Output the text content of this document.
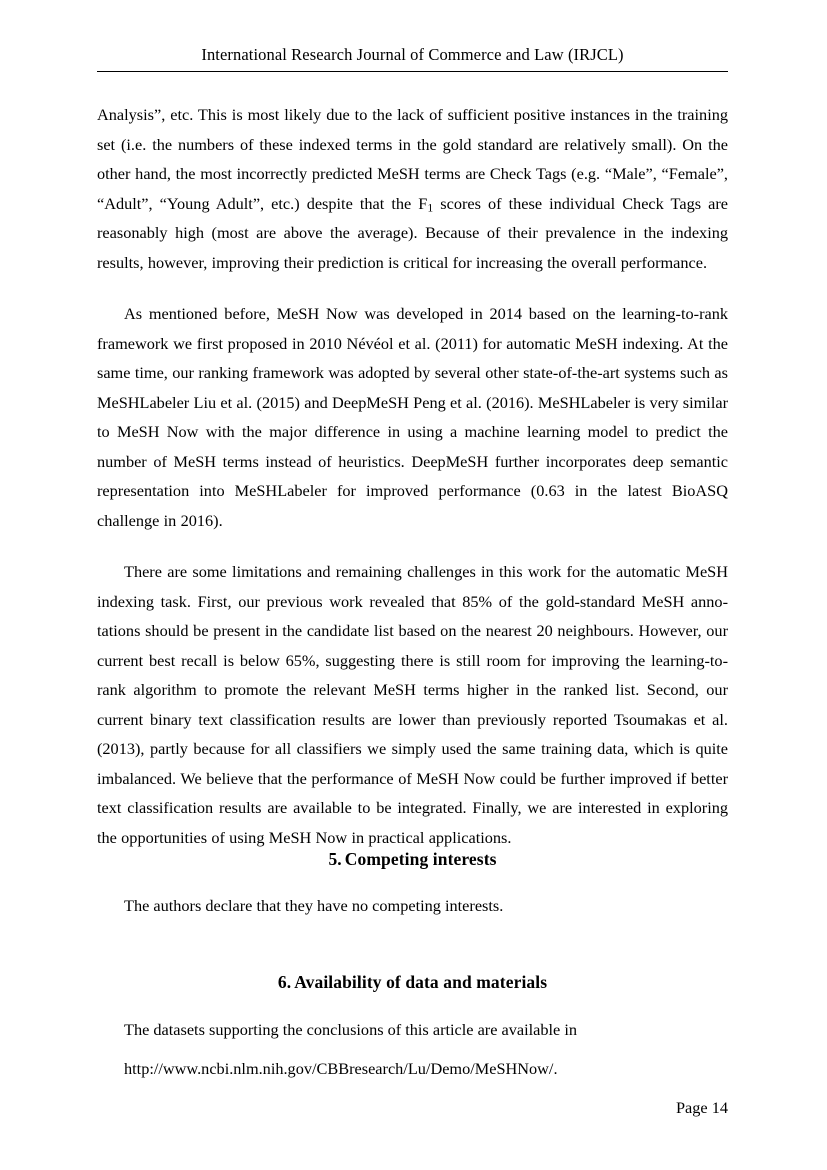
International Research Journal of Commerce and Law (IRJCL)

Analysis”, etc. This is most likely due to the lack of sufficient positive instances in the training set (i.e. the numbers of these indexed terms in the gold standard are relatively small). On the other hand, the most incorrectly predicted MeSH terms are Check Tags (e.g. “Male”, “Female”, “Adult”, “Young Adult”, etc.) despite that the $F_1$ scores of these individual Check Tags are reasonably high (most are above the average). Because of their prevalence in the indexing results, however, improving their prediction is critical for increasing the overall performance.

As mentioned before, MeSH Now was developed in 2014 based on the learning-to-rank framework we first proposed in 2010 Névéol et al. (2011) for automatic MeSH indexing. At the same time, our ranking framework was adopted by several other state-of-the-art systems such as MeSHLabeler Liu et al. (2015) and DeepMeSH Peng et al. (2016). MeSHLabeler is very similar to MeSH Now with the major difference in using a machine learning model to predict the number of MeSH terms instead of heuristics. DeepMeSH further incorporates deep semantic representation into MeSHLabeler for improved performance (0.63 in the latest BioASQ challenge in 2016).

There are some limitations and remaining challenges in this work for the automatic MeSH indexing task. First, our previous work revealed that 85% of the gold-standard MeSH anno-tations should be present in the candidate list based on the nearest 20 neighbours. However, our current best recall is below 65%, suggesting there is still room for improving the learning-to-rank algorithm to promote the relevant MeSH terms higher in the ranked list. Second, our current binary text classification results are lower than previously reported Tsoumakas et al. (2013), partly because for all classifiers we simply used the same training data, which is quite imbalanced. We believe that the performance of MeSH Now could be further improved if better text classification results are available to be integrated. Finally, we are interested in exploring the opportunities of using MeSH Now in practical applications.

5. Competing interests

The authors declare that they have no competing interests.

6. Availability of data and materials

The datasets supporting the conclusions of this article are available in

http://www.ncbi.nlm.nih.gov/CBBresearch/Lu/Demo/MeSHNow/.

Page 14
